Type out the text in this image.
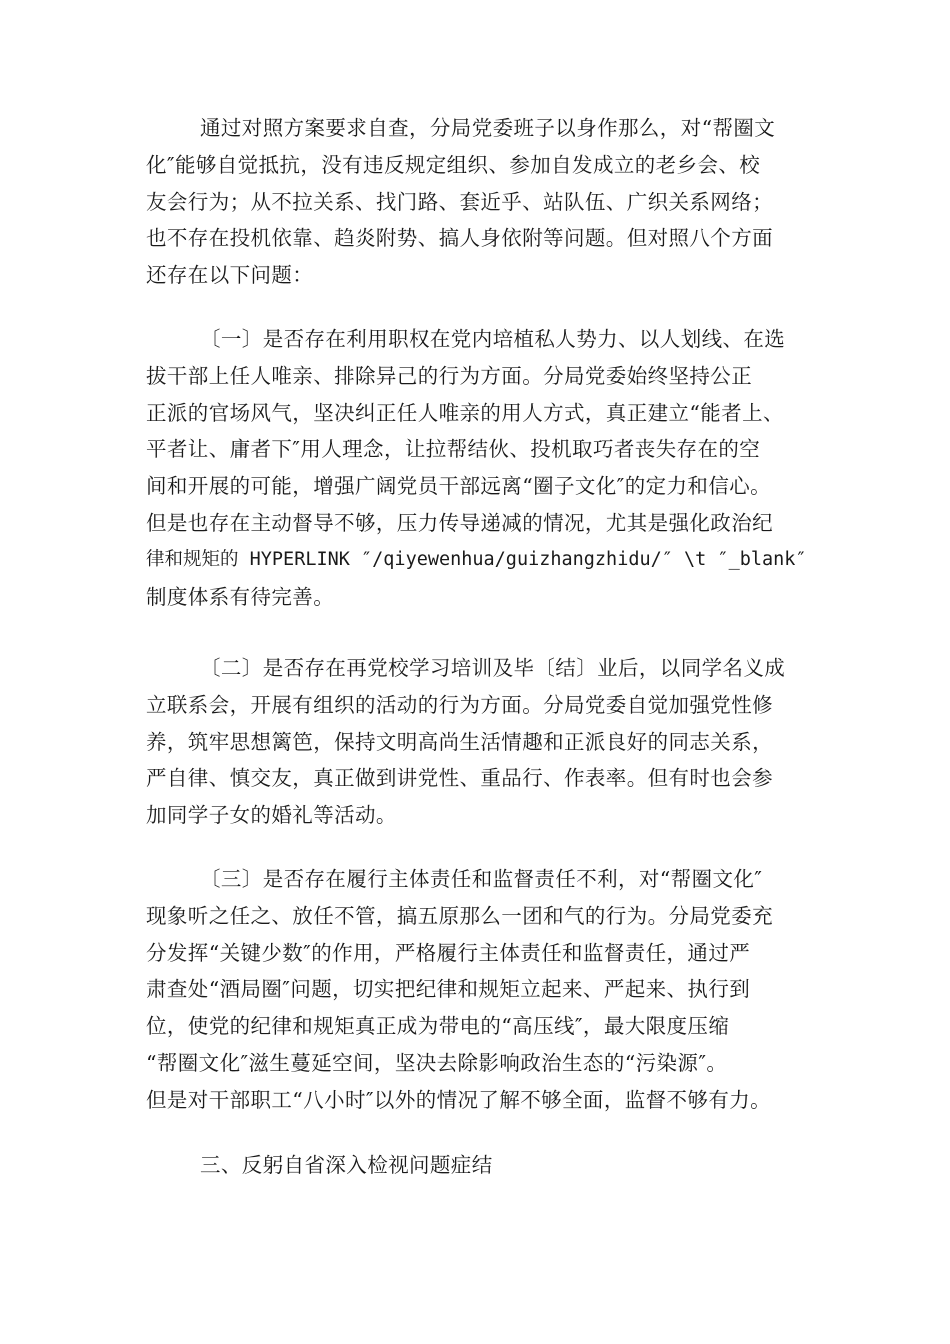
通过对照方案要求自查，分局党委班子以身作那么，对“帮圈文
化″能够自觉抵抗，没有违反规定组织、参加自发成立的老乡会、校
友会行为；从不拉关系、找门路、套近乎、站队伍、广织关系网络；
也不存在投机依靠、趋炎附势、搞人身依附等问题。但对照八个方面
还存在以下问题：
〔一〕是否存在利用职权在党内培植私人势力、以人划线、在选
拔干部上任人唯亲、排除异己的行为方面。分局党委始终坚持公正
正派的官场风气，坚决纠正任人唯亲的用人方式，真正建立“能者上、
平者让、庸者下″用人理念，让拉帮结伙、投机取巧者丧失存在的空
间和开展的可能，增强广阔党员干部远离“圈子文化″的定力和信心。
但是也存在主动督导不够，压力传导递减的情况，尤其是强化政治纪
律和规矩的 HYPERLINK ″/qiyewenhua/guizhangzhidu/″ \t ″_blank″
制度体系有待完善。
〔二〕是否存在再党校学习培训及毕〔结〕业后，以同学名义成
立联系会，开展有组织的活动的行为方面。分局党委自觉加强党性修
养，筑牢思想篱笆，保持文明高尚生活情趣和正派良好的同志关系，
严自律、慎交友，真正做到讲党性、重品行、作表率。但有时也会参
加同学子女的婚礼等活动。
〔三〕是否存在履行主体责任和监督责任不利，对“帮圈文化″
现象听之任之、放任不管，搞五原那么一团和气的行为。分局党委充
分发挥“关键少数″的作用，严格履行主体责任和监督责任，通过严
肃查处“酒局圈″问题，切实把纪律和规矩立起来、严起来、执行到
位，使党的纪律和规矩真正成为带电的“高压线″，最大限度压缩
“帮圈文化″滋生蔓延空间，坚决去除影响政治生态的“污染源″。
但是对干部职工“八小时″以外的情况了解不够全面，监督不够有力。
三、反躬自省深入检视问题症结
